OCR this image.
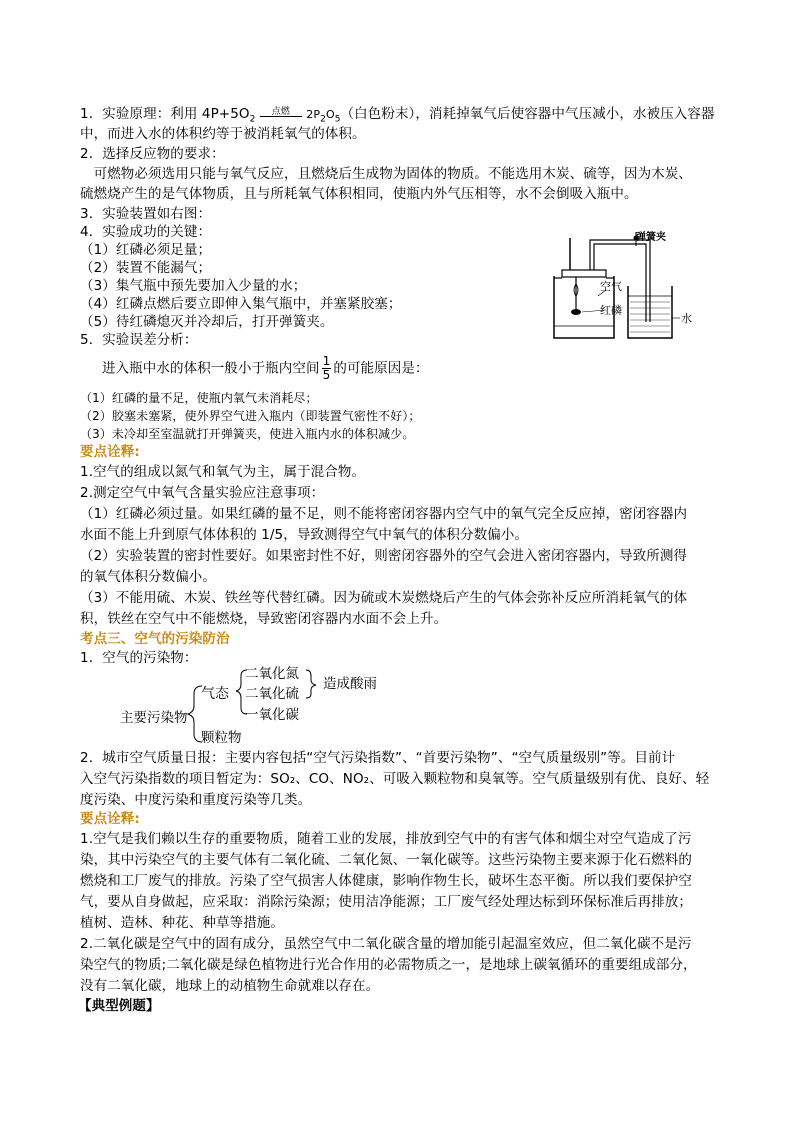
1．实验原理：利用 $4P+5O_2$
点燃	$2P_2O_5$（白色粉末），消耗掉氧气后使容器中气压减小，水被压入容器
中，而进入水的体积约等于被消耗氧气的体积。
2．选择反应物的要求：
　可燃物必须选用只能与氧气反应，且燃烧后生成物为固体的物质。不能选用木炭、硫等，因为木炭、
硫燃烧产生的是气体物质，且与所耗氧气体积相同，使瓶内外气压相等，水不会倒吸入瓶中。
3．实验装置如右图：
4．实验成功的关键：
（1）红磷必须足量；
（2）装置不能漏气；
（3）集气瓶中预先要加入少量的水；
（4）红磷点燃后要立即伸入集气瓶中，并塞紧胶塞；
（5）待红磷熄灭并冷却后，打开弹簧夹。
5．实验误差分析：
进入瓶中水的体积一般小于瓶内空间 $\frac{1}{5}$ 的可能原因是：
（1）红磷的量不足，使瓶内氧气未消耗尽；
（2）胶塞未塞紧，使外界空气进入瓶内（即装置气密性不好）；
（3）未冷却至室温就打开弹簧夹，使进入瓶内水的体积减少。
要点诠释:
1.空气的组成以氮气和氧气为主，属于混合物。
2.测定空气中氧气含量实验应注意事项：
（1）红磷必须过量。如果红磷的量不足，则不能将密闭容器内空气中的氧气完全反应掉，密闭容器内
水面不能上升到原气体体积的 1/5，导致测得空气中氧气的体积分数偏小。
（2）实验装置的密封性要好。如果密封性不好，则密闭容器外的空气会进入密闭容器内，导致所测得
的氧气体积分数偏小。
（3）不能用硫、木炭、铁丝等代替红磷。因为硫或木炭燃烧后产生的气体会弥补反应所消耗氧气的体
积，铁丝在空气中不能燃烧，导致密闭容器内水面不会上升。
考点三、空气的污染防治
1．空气的污染物：
主要污染物
气态
二氧化氮
二氧化硫
一氧化碳
造成酸雨
颗粒物
2．城市空气质量日报：主要内容包括“空气污染指数”、“首要污染物”、“空气质量级别”等。目前计
入空气污染指数的项目暂定为：SO₂、CO、NO₂、可吸入颗粒物和臭氧等。空气质量级别有优、良好、轻
度污染、中度污染和重度污染等几类。
要点诠释:
1.空气是我们赖以生存的重要物质，随着工业的发展，排放到空气中的有害气体和烟尘对空气造成了污
染，其中污染空气的主要气体有二氧化硫、二氧化氮、一氧化碳等。这些污染物主要来源于化石燃料的
燃烧和工厂废气的排放。污染了空气损害人体健康，影响作物生长，破坏生态平衡。所以我们要保护空
气，要从自身做起，应采取：消除污染源；使用洁净能源；工厂废气经处理达标到环保标准后再排放；
植树、造林、种花、种草等措施。
2.二氧化碳是空气中的固有成分，虽然空气中二氧化碳含量的增加能引起温室效应，但二氧化碳不是污
染空气的物质;二氧化碳是绿色植物进行光合作用的必需物质之一，是地球上碳氧循环的重要组成部分，
没有二氧化碳，地球上的动植物生命就难以存在。
【典型例题】
弹簧夹
空气
红磷
水
